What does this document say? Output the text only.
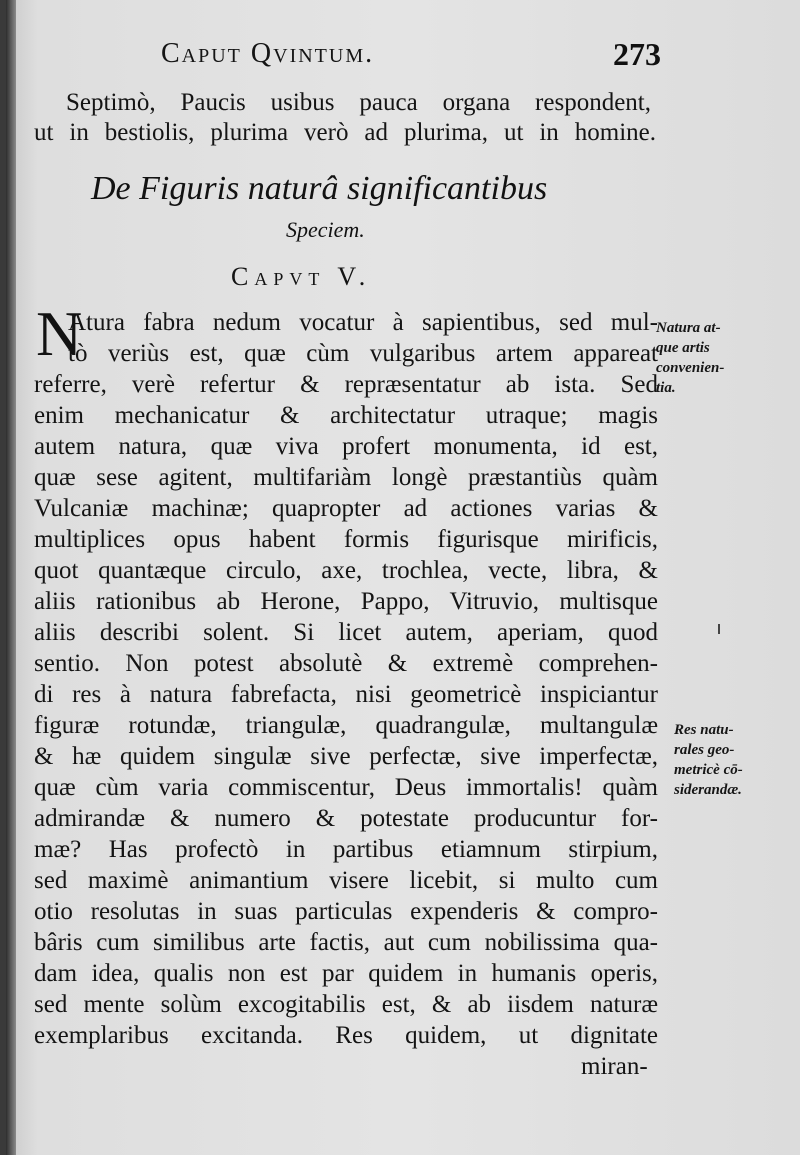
Caput Qvintum.	273
Septimò, Paucis usibus pauca organa respondent,
ut in bestiolis, plurima verò ad plurima, ut in homine.
De Figuris naturâ significantibus
Speciem.
Capvt V.
N
Atura fabra nedum vocatur à sapientibus, sed mul-
tò veriùs est, quæ cùm vulgaribus artem appareat
referre, verè refertur & repræsentatur ab ista. Sed
enim mechanicatur & architectatur utraque; magis
autem natura, quæ viva profert monumenta, id est,
quæ sese agitent, multifariàm longè præstantiùs quàm
Vulcaniæ machinæ; quapropter ad actiones varias &
multiplices opus habent formis figurisque mirificis,
quot quantæque circulo, axe, trochlea, vecte, libra, &
aliis rationibus ab Herone, Pappo, Vitruvio, multisque
aliis describi solent. Si licet autem, aperiam, quod
sentio. Non potest absolutè & extremè comprehen-
di res à natura fabrefacta, nisi geometricè inspiciantur
figuræ rotundæ, triangulæ, quadrangulæ, multangulæ
& hæ quidem singulæ sive perfectæ, sive imperfectæ,
quæ cùm varia commiscentur, Deus immortalis! quàm
admirandæ & numero & potestate producuntur for-
mæ? Has profectò in partibus etiamnum stirpium,
sed maximè animantium visere licebit, si multo cum
otio resolutas in suas particulas expenderis & compro-
bâris cum similibus arte factis, aut cum nobilissima qua-
dam idea, qualis non est par quidem in humanis operis,
sed mente solùm excogitabilis est, & ab iisdem naturæ
exemplaribus excitanda. Res quidem, ut dignitate
miran-
Natura at-
que artis
convenien-
tia.
Res natu-
rales geo-
metricè cō-
siderandæ.
